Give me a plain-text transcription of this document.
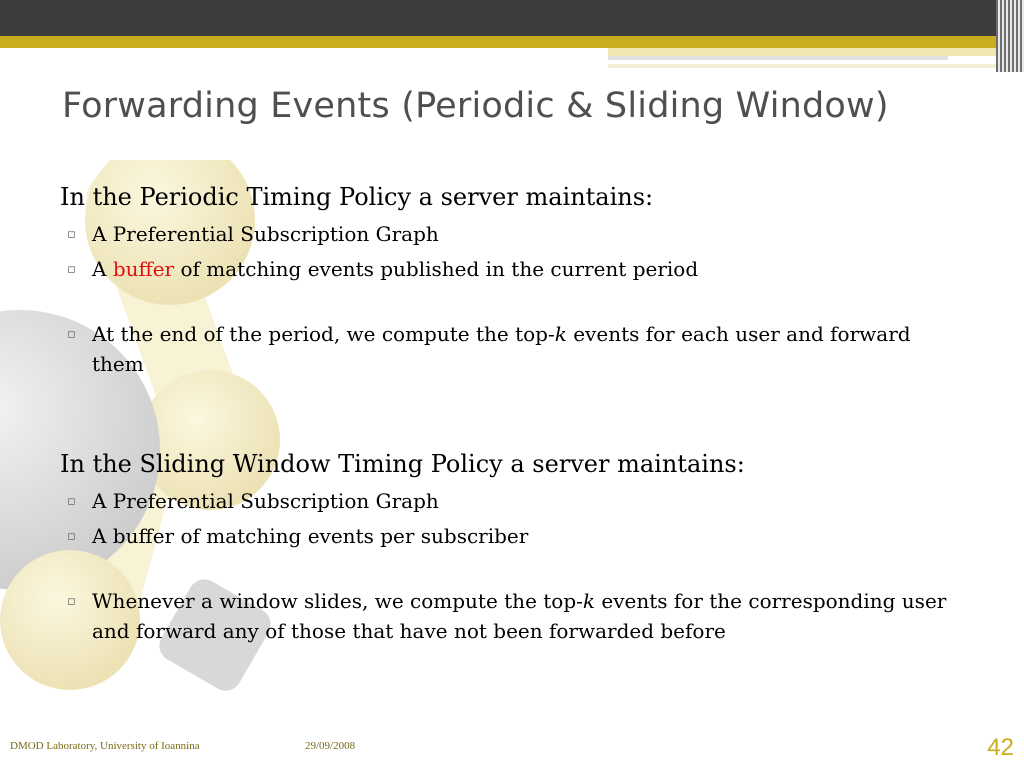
Forwarding Events (Periodic & Sliding Window)

In the Periodic Timing Policy a server maintains:

▫ A Preferential Subscription Graph
▫ A buffer of matching events published in the current period
▫ At the end of the period, we compute the top-k events for each user and forward them

In the Sliding Window Timing Policy a server maintains:

▫ A Preferential Subscription Graph
▫ A buffer of matching events per subscriber
▫ Whenever a window slides, we compute the top-k events for the corresponding user and forward any of those that have not been forwarded before
DMOD Laboratory, University of Ioannina	29/09/2008	42
